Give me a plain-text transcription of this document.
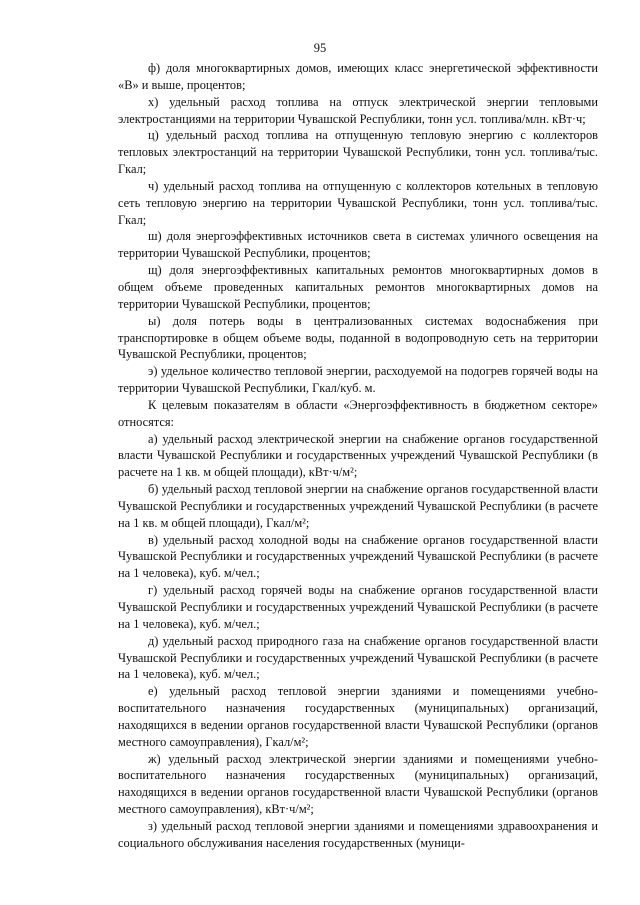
95

ф) доля многоквартирных домов, имеющих класс энергетической эффективности «B» и выше, процентов;

х) удельный расход топлива на отпуск электрической энергии тепловыми электростанциями на территории Чувашской Республики, тонн усл. топлива/млн. кВт·ч;

ц) удельный расход топлива на отпущенную тепловую энергию с коллекторов тепловых электростанций на территории Чувашской Республики, тонн усл. топлива/тыс. Гкал;

ч) удельный расход топлива на отпущенную с коллекторов котельных в тепловую сеть тепловую энергию на территории Чувашской Республики, тонн усл. топлива/тыс. Гкал;

ш) доля энергоэффективных источников света в системах уличного освещения на территории Чувашской Республики, процентов;

щ) доля энергоэффективных капитальных ремонтов многоквартирных домов в общем объеме проведенных капитальных ремонтов многоквартирных домов на территории Чувашской Республики, процентов;

ы) доля потерь воды в централизованных системах водоснабжения при транспортировке в общем объеме воды, поданной в водопроводную сеть на территории Чувашской Республики, процентов;

э) удельное количество тепловой энергии, расходуемой на подогрев горячей воды на территории Чувашской Республики, Гкал/куб. м.

К целевым показателям в области «Энергоэффективность в бюджетном секторе» относятся:

а) удельный расход электрической энергии на снабжение органов государственной власти Чувашской Республики и государственных учреждений Чувашской Республики (в расчете на 1 кв. м общей площади), кВт·ч/м²;

б) удельный расход тепловой энергии на снабжение органов государственной власти Чувашской Республики и государственных учреждений Чувашской Республики (в расчете на 1 кв. м общей площади), Гкал/м²;

в) удельный расход холодной воды на снабжение органов государственной власти Чувашской Республики и государственных учреждений Чувашской Республики (в расчете на 1 человека), куб. м/чел.;

г) удельный расход горячей воды на снабжение органов государственной власти Чувашской Республики и государственных учреждений Чувашской Республики (в расчете на 1 человека), куб. м/чел.;

д) удельный расход природного газа на снабжение органов государственной власти Чувашской Республики и государственных учреждений Чувашской Республики (в расчете на 1 человека), куб. м/чел.;

е) удельный расход тепловой энергии зданиями и помещениями учебно-воспитательного назначения государственных (муниципальных) организаций, находящихся в ведении органов государственной власти Чувашской Республики (органов местного самоуправления), Гкал/м²;

ж) удельный расход электрической энергии зданиями и помещениями учебно-воспитательного назначения государственных (муниципальных) организаций, находящихся в ведении органов государственной власти Чувашской Республики (органов местного самоуправления), кВт·ч/м²;

з) удельный расход тепловой энергии зданиями и помещениями здравоохранения и социального обслуживания населения государственных (муници-
